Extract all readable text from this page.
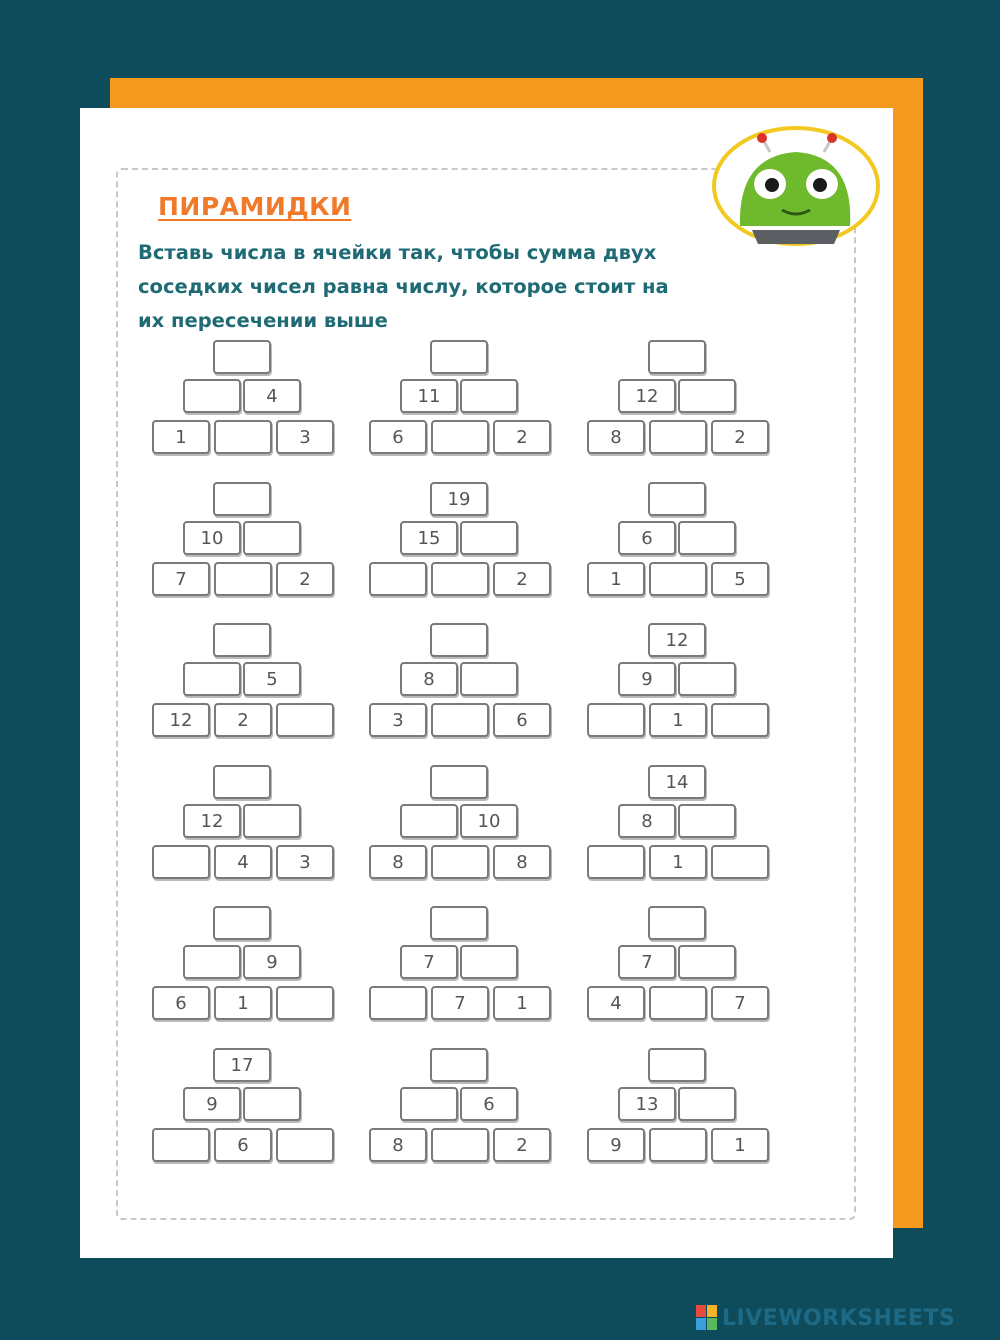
ПИРАМИДКИ
Вставь числа в ячейки так, чтобы сумма двух
соседких чисел равна числу, которое стоит на
их пересечении выше
4
1	3
11
6	2
12
8	2
10
7	2
19
15
2
6
1	5
5
12	2
8
3	6
12
9
1
12
4	3
10
8	8
14
8
1
9
6	1
7
7	1
7
4	7
17
9
6
6
8	2
13
9	1
LIVEWORKSHEETS
